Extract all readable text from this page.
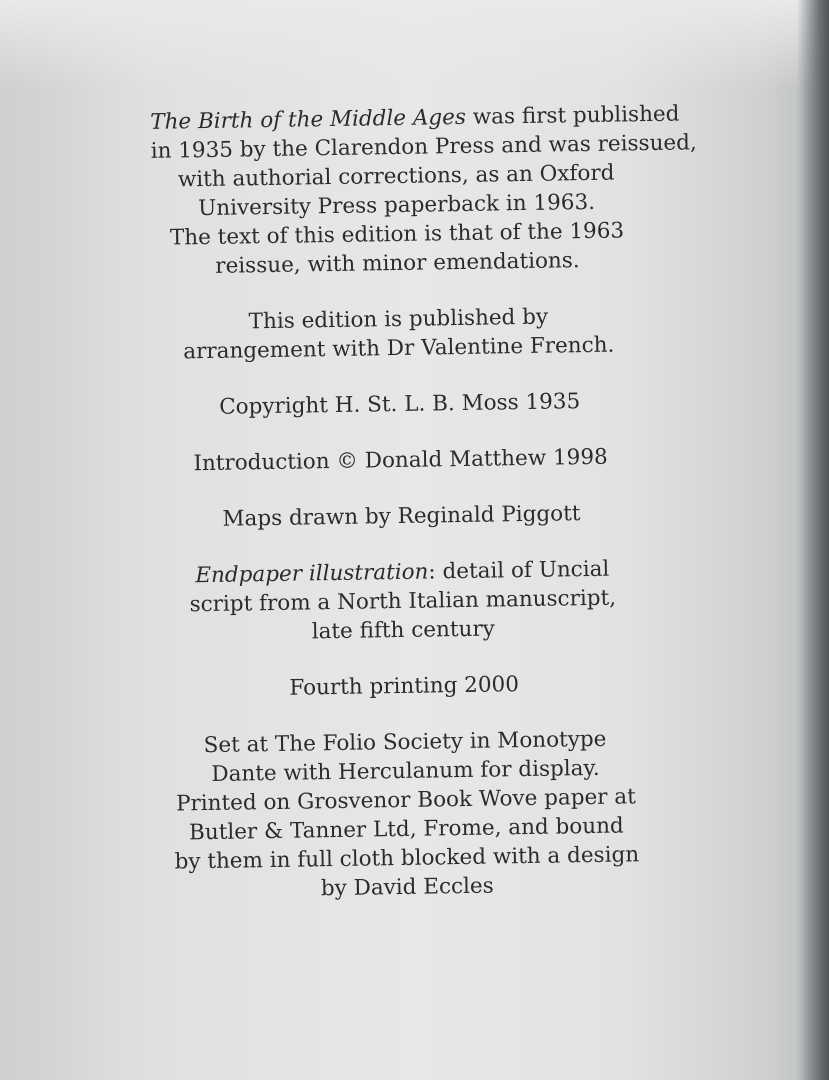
The Birth of the Middle Ages was first published
in 1935 by the Clarendon Press and was reissued,
with authorial corrections, as an Oxford
University Press paperback in 1963.
The text of this edition is that of the 1963
reissue, with minor emendations.

This edition is published by
arrangement with Dr Valentine French.

Copyright H. St. L. B. Moss 1935

Introduction © Donald Matthew 1998

Maps drawn by Reginald Piggott

Endpaper illustration: detail of Uncial
script from a North Italian manuscript,
late fifth century

Fourth printing 2000

Set at The Folio Society in Monotype
Dante with Herculanum for display.
Printed on Grosvenor Book Wove paper at
Butler & Tanner Ltd, Frome, and bound
by them in full cloth blocked with a design
by David Eccles
